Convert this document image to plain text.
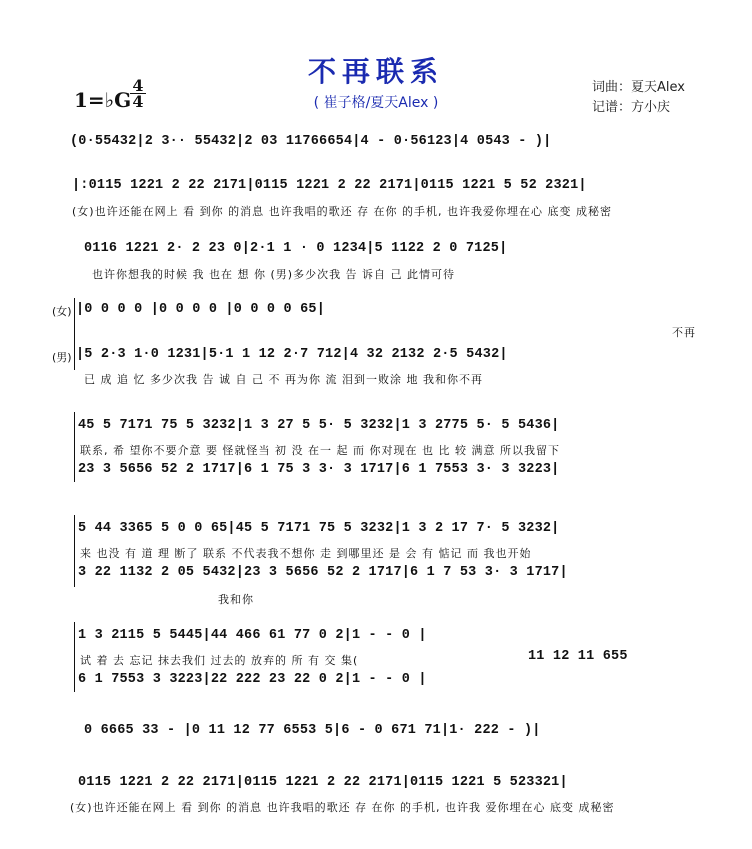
不再联系
( 崔子格/夏天Alex )
词曲：夏天Alex
记谱：方小庆
1=♭G
$\frac{4}{4}$
(0·55432|2 3·· 55432|2 03 11766654|4 - 0·56123|4 0543 - )|
|:0115 1221 2 22 2171|0115 1221 2 22 2171|0115 1221 5 52 2321|
(女)也许还能在网上 看 到你 的消息 也许我唱的歌还 存 在你 的手机, 也许我爱你埋在心 底变 成秘密
0116 1221 2· 2 23 0|2·1 1 · 0 1234|5 1122 2 0 7125|
也许你想我的时候 我 也在 想 你 (男)多少次我 告 诉自 己 此情可待
(女) |0 0 0 0 |0 0 0 0 |0 0 0 0 65|
不再
(男) |5 2·3 1·0 1231|5·1 1 12 2·7 712|4 32 2132 2·5 5432|
已 成 追 忆 多少次我 告 诚 自 己 不 再为你 流 泪到一败涂 地 我和你不再
45 5 7171 75 5 3232|1 3 27 5 5· 5 3232|1 3 2775 5· 5 5436|
联系, 希 望你不要介意 要 怪就怪当 初 没 在一 起 而 你对现在 也 比 较 满意 所以我留下
23 3 5656 52 2 1717|6 1 75 3 3· 3 1717|6 1 7553 3· 3 3223|
5 44 3365 5 0 0 65|45 5 7171 75 5 3232|1 3 2 17 7· 5 3232|
来 也没 有 道 理 断了 联系 不代表我不想你 走 到哪里还 是 会 有 惦记 而 我也开始
3 22 1132 2 05 5432|23 3 5656 52 2 1717|6 1 7 53 3· 3 1717|
我和你
1 3 2115 5 5445|44 466 61 77 0 2|1 - - 0 |
试 着 去 忘记 抹去我们 过去的 放弃的 所 有 交 集(	11 12 11 655
6 1 7553 3 3223|22 222 23 22 0 2|1 - - 0 |
0 6665 33 - |0 11 12 77 6553 5|6 - 0 671 71|1· 222 - )|
0115 1221 2 22 2171|0115 1221 2 22 2171|0115 1221 5 523321|
(女)也许还能在网上 看 到你 的消息 也许我唱的歌还 存 在你 的手机, 也许我 爱你埋在心 底变 成秘密
